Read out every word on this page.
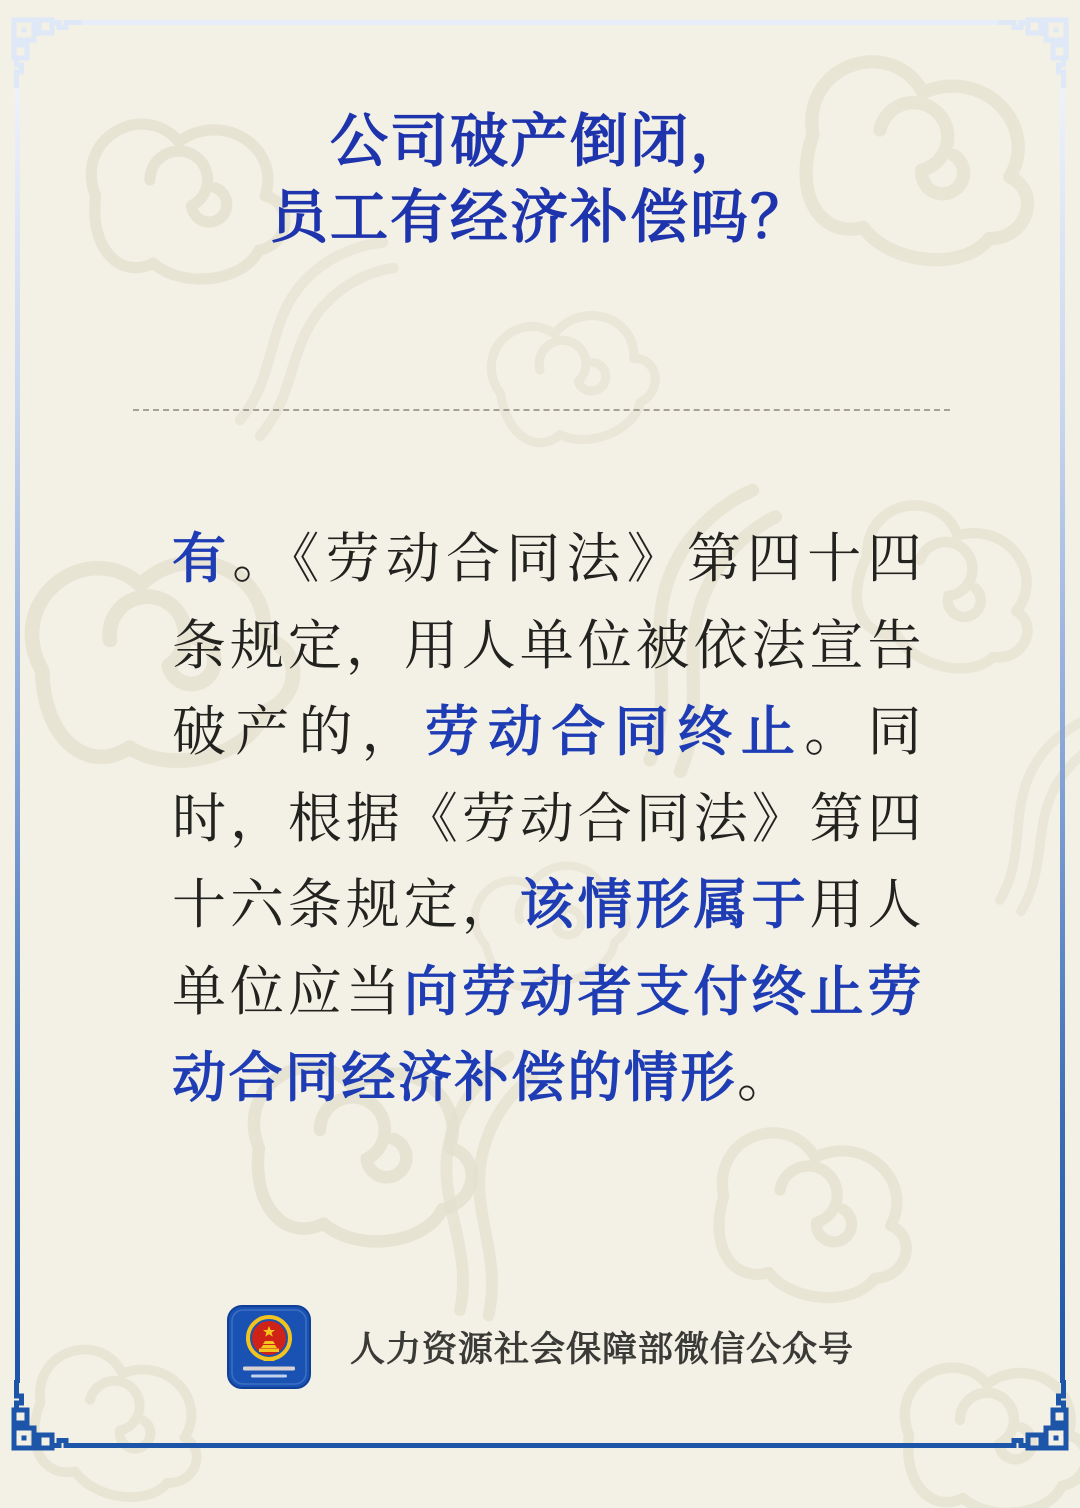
公司破产倒闭，
员工有经济补偿吗？

有。《劳动合同法》第四十四条规定，用人单位被依法宣告破产的，劳动合同终止。同时，根据《劳动合同法》第四十六条规定，该情形属于用人单位应当向劳动者支付终止劳动合同经济补偿的情形。

人力资源社会保障部微信公众号
